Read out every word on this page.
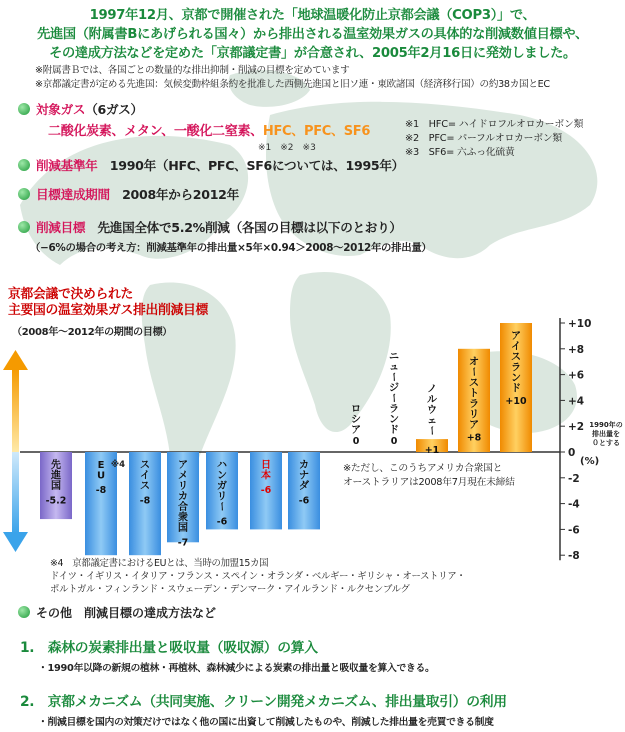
1997年12月、京都で開催された「地球温暖化防止京都会議（COP3）」で、
先進国（附属書Bにあげられる国々）から排出される温室効果ガスの具体的な削減数値目標や、
その達成方法などを定めた「京都議定書」が合意され、2005年2月16日に発効しました。
※附属書Ｂでは、各国ごとの数量的な排出抑制・削減の目標を定めています
※京都議定書が定める先進国：気候変動枠組条約を批准した西側先進国と旧ソ連・東欧諸国（経済移行国）の約38カ国とEC
対象ガス（6ガス）
二酸化炭素、メタン、一酸化二窒素、HFC、PFC、SF6
※1　※2　※3
※1　HFC= ハイドロフルオロカーボン類
※2　PFC= パーフルオロカーボン類
※3　SF6= 六ふっ化硫黄
削減基準年　 1990年（HFC、PFC、SF6については、1995年）
目標達成期間　 2008年から2012年
削減目標　 先進国全体で5.2%削減（各国の目標は以下のとおり）
（−6%の場合の考え方：削減基準年の排出量×5年×0.94＞2008〜2012年の排出量）
京都会議で決められた
主要国の温室効果ガス排出削減目標
（2008年〜2012年の期間の目標）
+10
+8
+6
+4
+2
0
-2
-4
-6
-8
(%)
1990年の
排出量を
０とする
先
進
国
-5.2
E
U
-8
※4 ス
イ
ス
-8
ア
メ
リ
カ
合
衆
国
-7
ハ
ン
ガ
リ
ー
-6
日
本
-6
カ
ナ
ダ
-6
0
ロ
シ
ア
0
ニ
ュ
ー
ジ
ー
ラ
ン
ド
+1
ノ
ル
ウ
ェ
ー
オ
ー
ス
ト
ラ
リ
ア
+8
ア
イ
ス
ラ
ン
ド
+10
※ただし、このうちアメリカ合衆国と
オーストラリアは2008年7月現在未締結
※4　京都議定書におけるEUとは、当時の加盟15カ国
ドイツ・イギリス・イタリア・フランス・スペイン・オランダ・ベルギー・ギリシャ・オーストリア・
ポルトガル・フィンランド・スウェーデン・デンマーク・アイルランド・ルクセンブルグ
その他　 削減目標の達成方法など
1.　 森林の炭素排出量と吸収量（吸収源）の算入
・1990年以降の新規の植林・再植林、森林減少による炭素の排出量と吸収量を算入できる。
2.　 京都メカニズム（共同実施、クリーン開発メカニズム、排出量取引）の利用
・削減目標を国内の対策だけではなく他の国に出資して削減したものや、削減した排出量を売買できる制度
